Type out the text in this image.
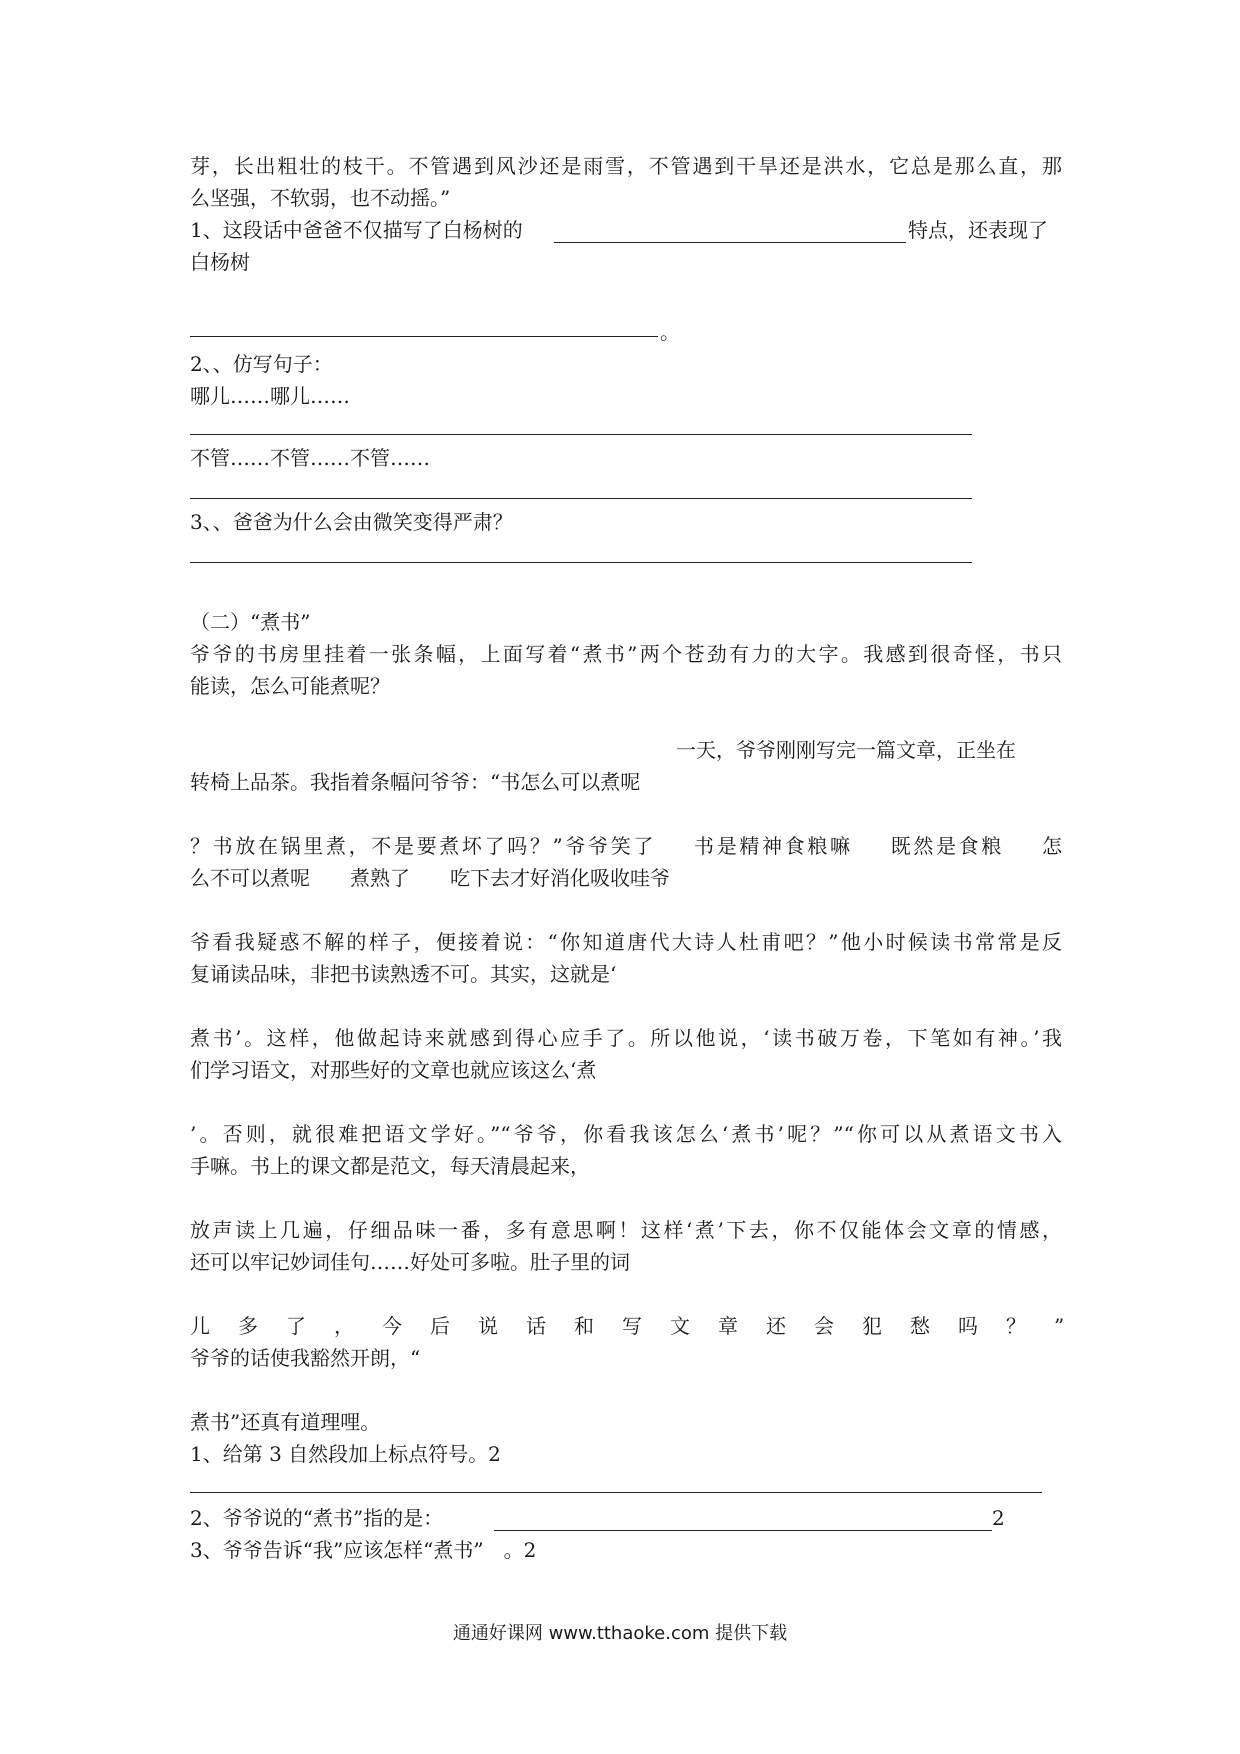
芽，长出粗壮的枝干。不管遇到风沙还是雨雪，不管遇到干旱还是洪水，它总是那么直，那
么坚强，不软弱，也不动摇。”
1、这段话中爸爸不仅描写了白杨树的	特点，还表现了
白杨树
。
2、、仿写句子：
哪儿……哪儿……
不管……不管……不管……
3、、爸爸为什么会由微笑变得严肃？
（二）“煮书”
爷爷的书房里挂着一张条幅，上面写着“煮书”两个苍劲有力的大字。我感到很奇怪，书只
能读，怎么可能煮呢？
一天，爷爷刚刚写完一篇文章，正坐在
转椅上品茶。我指着条幅问爷爷：“书怎么可以煮呢
？书放在锅里煮，不是要煮坏了吗？”爷爷笑了 书是精神食粮嘛 既然是食粮 怎
么不可以煮呢 煮熟了 吃下去才好消化吸收哇爷
爷看我疑惑不解的样子，便接着说：“你知道唐代大诗人杜甫吧？”他小时候读书常常是反
复诵读品味，非把书读熟透不可。其实，这就是‘
煮书’。这样，他做起诗来就感到得心应手了。所以他说，‘读书破万卷，下笔如有神。’我
们学习语文，对那些好的文章也就应该这么‘煮
’。否则，就很难把语文学好。”“爷爷，你看我该怎么‘煮书’呢？”“你可以从煮语文书入
手嘛。书上的课文都是范文，每天清晨起来，
放声读上几遍，仔细品味一番，多有意思啊！这样‘煮’下去，你不仅能体会文章的情感，
还可以牢记妙词佳句……好处可多啦。肚子里的词
儿多了，今后说话和写文章还会犯愁吗？”
爷爷的话使我豁然开朗，“
煮书”还真有道理哩。
1、给第 3 自然段加上标点符号。2
2、爷爷说的“煮书”指的是：	2
3、爷爷告诉“我”应该怎样“煮书”　。2
通通好课网 www.tthaoke.com 提供下载
